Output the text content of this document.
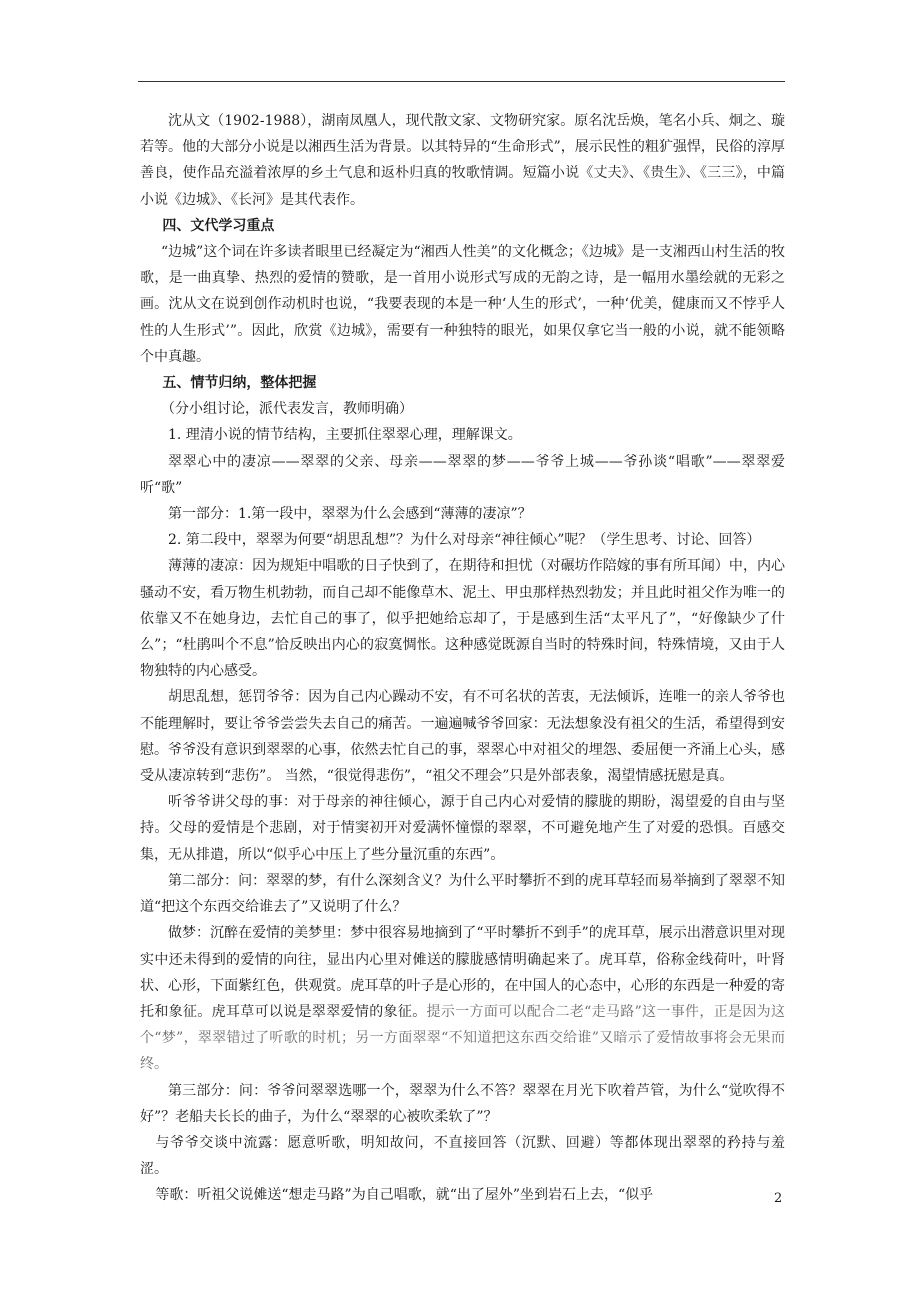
沈从文（1902-1988），湖南凤凰人，现代散文家、文物研究家。原名沈岳焕，笔名小兵、炯之、璇若等。他的大部分小说是以湘西生活为背景。以其特异的“生命形式”，展示民性的粗犷强悍，民俗的淳厚善良，使作品充溢着浓厚的乡土气息和返朴归真的牧歌情调。短篇小说《丈夫》、《贵生》、《三三》，中篇小说《边城》、《长河》是其代表作。

四、文代学习重点

“边城”这个词在许多读者眼里已经凝定为“湘西人性美”的文化概念；《边城》是一支湘西山村生活的牧歌，是一曲真挚、热烈的爱情的赞歌，是一首用小说形式写成的无韵之诗，是一幅用水墨绘就的无彩之画。沈从文在说到创作动机时也说，“我要表现的本是一种‘人生的形式’，一种‘优美，健康而又不悖乎人性的人生形式’”。因此，欣赏《边城》，需要有一种独特的眼光，如果仅拿它当一般的小说，就不能领略个中真趣。

五、情节归纳，整体把握

（分小组讨论，派代表发言，教师明确）

1. 理清小说的情节结构，主要抓住翠翠心理，理解课文。

翠翠心中的凄凉——翠翠的父亲、母亲——翠翠的梦——爷爷上城——爷孙谈“唱歌”——翠翠爱听“歌”

第一部分：1.第一段中，翠翠为什么会感到“薄薄的凄凉”？

2. 第二段中，翠翠为何要“胡思乱想”？为什么对母亲“神往倾心”呢？（学生思考、讨论、回答）

薄薄的凄凉：因为规矩中唱歌的日子快到了，在期待和担忧（对碾坊作陪嫁的事有所耳闻）中，内心骚动不安，看万物生机勃勃，而自己却不能像草木、泥土、甲虫那样热烈勃发；并且此时祖父作为唯一的依靠又不在她身边，去忙自己的事了，似乎把她给忘却了，于是感到生活“太平凡了”，“好像缺少了什么”；“杜鹃叫个不息”恰反映出内心的寂寞惆怅。这种感觉既源自当时的特殊时间，特殊情境，又由于人物独特的内心感受。

胡思乱想，惩罚爷爷：因为自己内心躁动不安，有不可名状的苦衷，无法倾诉，连唯一的亲人爷爷也不能理解时，要让爷爷尝尝失去自己的痛苦。一遍遍喊爷爷回家：无法想象没有祖父的生活，希望得到安慰。爷爷没有意识到翠翠的心事，依然去忙自己的事，翠翠心中对祖父的埋怨、委屈便一齐涌上心头，感受从凄凉转到“悲伤”。 当然，“很觉得悲伤”，“祖父不理会”只是外部表象，渴望情感抚慰是真。

听爷爷讲父母的事：对于母亲的神往倾心，源于自己内心对爱情的朦胧的期盼，渴望爱的自由与坚持。父母的爱情是个悲剧，对于情窦初开对爱满怀憧憬的翠翠，不可避免地产生了对爱的恐惧。百感交集，无从排遣，所以“似乎心中压上了些分量沉重的东西”。

第二部分：问：翠翠的梦，有什么深刻含义？为什么平时攀折不到的虎耳草轻而易举摘到了翠翠不知道“把这个东西交给谁去了”又说明了什么？

做梦：沉醉在爱情的美梦里：梦中很容易地摘到了“平时攀折不到手”的虎耳草，展示出潜意识里对现实中还未得到的爱情的向往，显出内心里对傩送的朦胧感情明确起来了。虎耳草，俗称金线荷叶，叶肾状、心形，下面紫红色，供观赏。虎耳草的叶子是心形的，在中国人的心态中，心形的东西是一种爱的寄托和象征。虎耳草可以说是翠翠爱情的象征。提示一方面可以配合二老“走马路”这一事件，正是因为这个“梦”，翠翠错过了听歌的时机；另一方面翠翠“不知道把这东西交给谁”又暗示了爱情故事将会无果而终。

第三部分：问：爷爷问翠翠选哪一个，翠翠为什么不答？翠翠在月光下吹着芦管，为什么“觉吹得不好”？老船夫长长的曲子，为什么“翠翠的心被吹柔软了”？

与爷爷交谈中流露：愿意听歌，明知故问，不直接回答（沉默、回避）等都体现出翠翠的矜持与羞涩。

等歌：听祖父说傩送“想走马路”为自己唱歌，就“出了屋外”坐到岩石上去，“似乎	2
